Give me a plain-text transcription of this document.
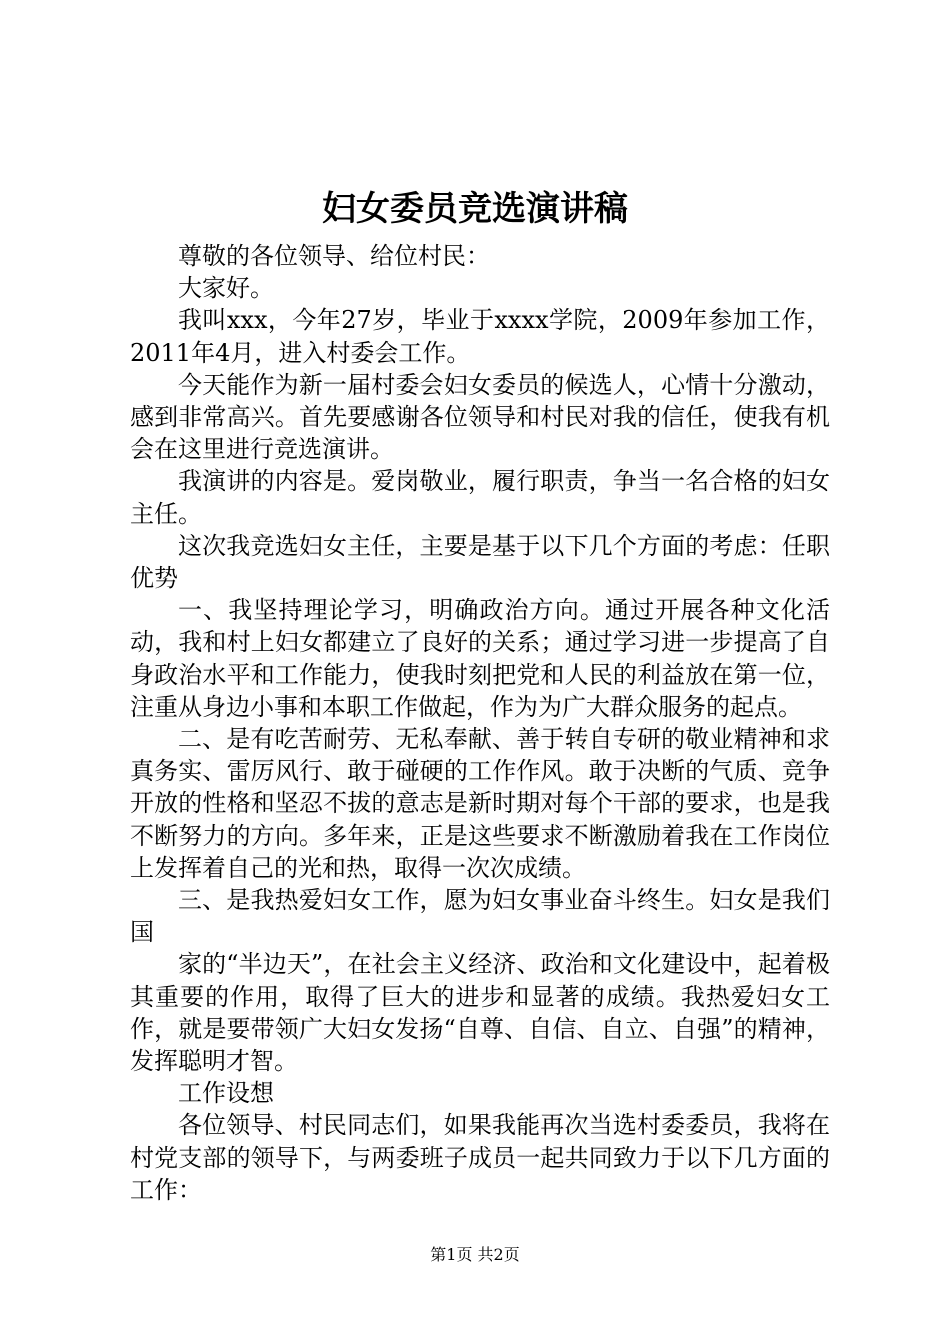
妇女委员竞选演讲稿

尊敬的各位领导、给位村民：

大家好。

我叫xxx，今年27岁，毕业于xxxx学院，2009年参加工作，2011年4月，进入村委会工作。

今天能作为新一届村委会妇女委员的候选人，心情十分激动，感到非常高兴。首先要感谢各位领导和村民对我的信任，使我有机会在这里进行竞选演讲。

我演讲的内容是。爱岗敬业，履行职责，争当一名合格的妇女主任。

这次我竞选妇女主任，主要是基于以下几个方面的考虑：任职优势

一、我坚持理论学习，明确政治方向。通过开展各种文化活动，我和村上妇女都建立了良好的关系；通过学习进一步提高了自身政治水平和工作能力，使我时刻把党和人民的利益放在第一位，注重从身边小事和本职工作做起，作为为广大群众服务的起点。

二、是有吃苦耐劳、无私奉献、善于转自专研的敬业精神和求真务实、雷厉风行、敢于碰硬的工作作风。敢于决断的气质、竞争开放的性格和坚忍不拔的意志是新时期对每个干部的要求，也是我不断努力的方向。多年来，正是这些要求不断激励着我在工作岗位上发挥着自己的光和热，取得一次次成绩。

三、是我热爱妇女工作，愿为妇女事业奋斗终生。妇女是我们国

家的“半边天”，在社会主义经济、政治和文化建设中，起着极其重要的作用，取得了巨大的进步和显著的成绩。我热爱妇女工作，就是要带领广大妇女发扬“自尊、自信、自立、自强”的精神，发挥聪明才智。

工作设想

各位领导、村民同志们，如果我能再次当选村委委员，我将在村党支部的领导下，与两委班子成员一起共同致力于以下几方面的工作：

第1页 共2页
